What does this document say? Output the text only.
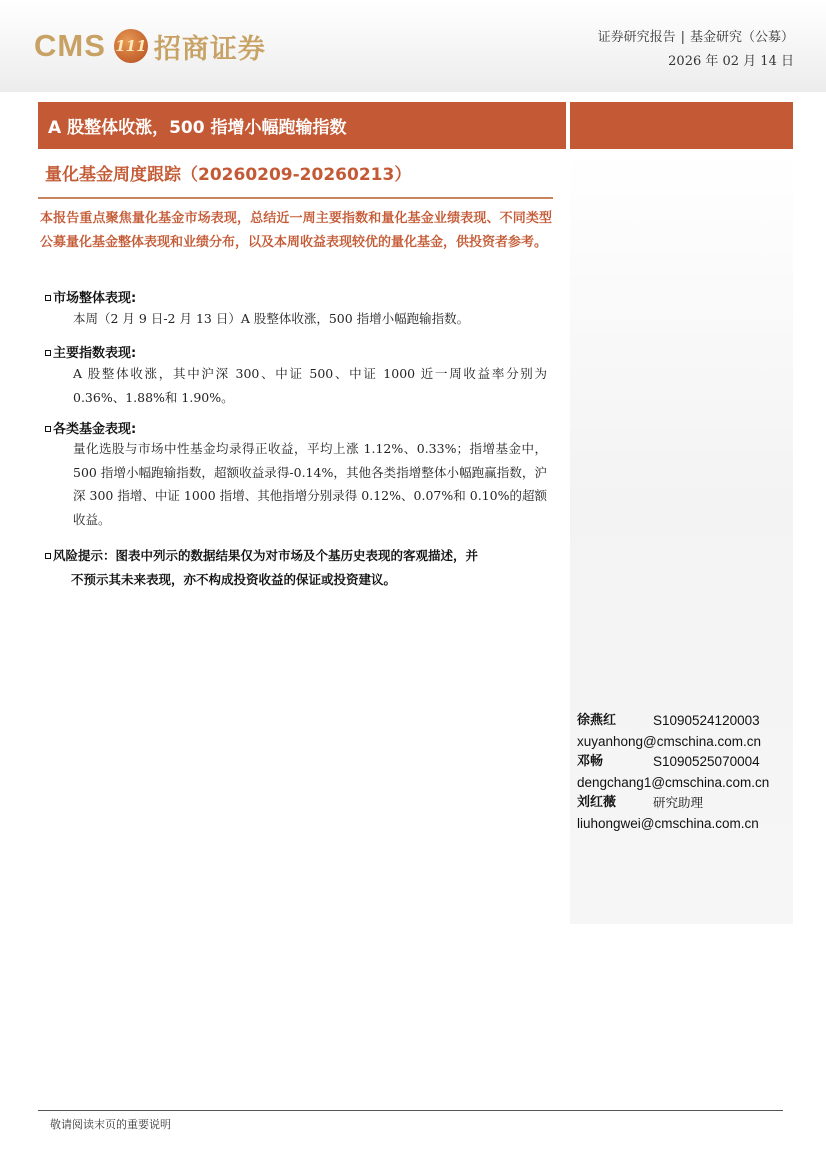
CMS 111 招商证券	证券研究报告 | 基金研究（公募）
2026 年 02 月 14 日
A 股整体收涨，500 指增小幅跑输指数
量化基金周度跟踪（20260209-20260213）
本报告重点聚焦量化基金市场表现，总结近一周主要指数和量化基金业绩表现、不同类型公募量化基金整体表现和业绩分布，以及本周收益表现较优的量化基金，供投资者参考。
市场整体表现:
本周（2 月 9 日-2 月 13 日）A 股整体收涨，500 指增小幅跑输指数。
主要指数表现:
A 股整体收涨，其中沪深 300、中证 500、中证 1000 近一周收益率分别为 0.36%、1.88%和 1.90%。
各类基金表现:
量化选股与市场中性基金均录得正收益，平均上涨 1.12%、0.33%；指增基金中，500 指增小幅跑输指数，超额收益录得-0.14%，其他各类指增整体小幅跑赢指数，沪深 300 指增、中证 1000 指增、其他指增分别录得 0.12%、0.07%和 0.10%的超额收益。
风险提示：图表中列示的数据结果仅为对市场及个基历史表现的客观描述，并
不预示其未来表现，亦不构成投资收益的保证或投资建议。
徐燕红	S1090524120003
xuyanhong@cmschina.com.cn
邓畅	S1090525070004
dengchang1@cmschina.com.cn
刘红薇	研究助理
liuhongwei@cmschina.com.cn
敬请阅读末页的重要说明
